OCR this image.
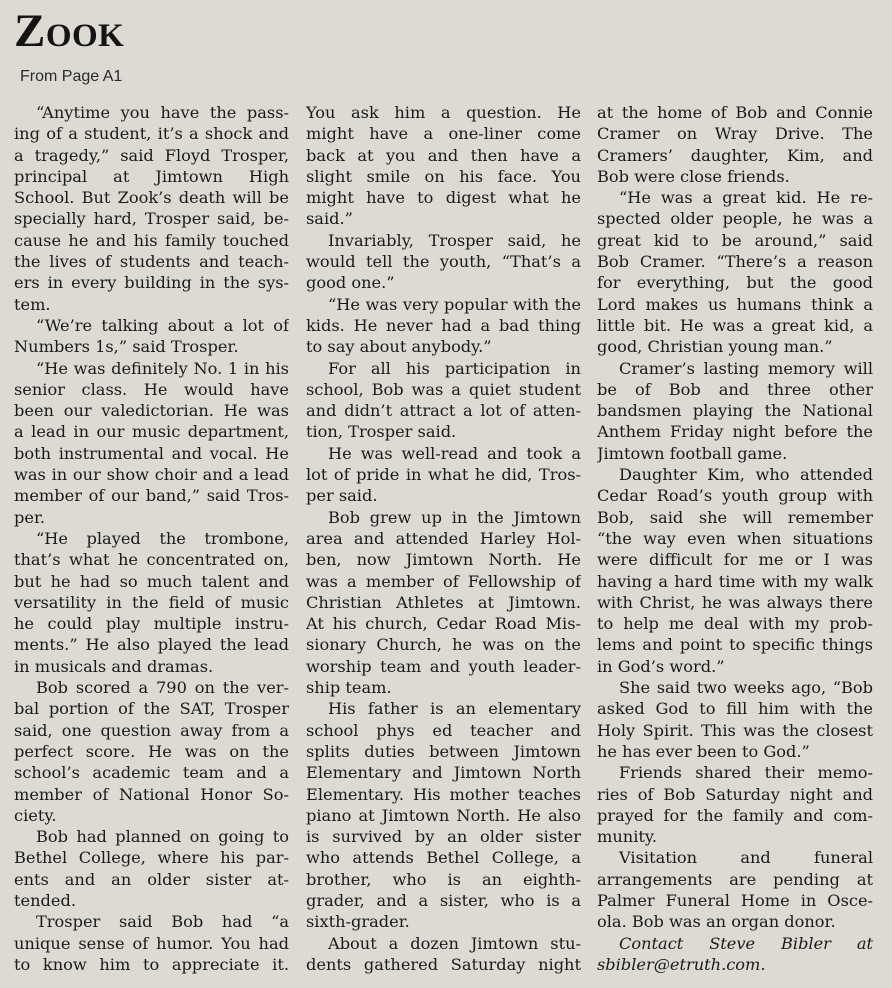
Zook
From Page A1
“Anytime you have the pass-
ing of a student, it’s a shock and
a tragedy,” said Floyd Trosper,
principal at Jimtown High
School. But Zook’s death will be
specially hard, Trosper said, be-
cause he and his family touched
the lives of students and teach-
ers in every building in the sys-
tem.
“We’re talking about a lot of
Numbers 1s,” said Trosper.
“He was definitely No. 1 in his
senior class. He would have
been our valedictorian. He was
a lead in our music department,
both instrumental and vocal. He
was in our show choir and a lead
member of our band,” said Tros-
per.
“He played the trombone,
that’s what he concentrated on,
but he had so much talent and
versatility in the field of music
he could play multiple instru-
ments.” He also played the lead
in musicals and dramas.
Bob scored a 790 on the ver-
bal portion of the SAT, Trosper
said, one question away from a
perfect score. He was on the
school’s academic team and a
member of National Honor So-
ciety.
Bob had planned on going to
Bethel College, where his par-
ents and an older sister at-
tended.
Trosper said Bob had “a
unique sense of humor. You had
to know him to appreciate it.
You ask him a question. He
might have a one-liner come
back at you and then have a
slight smile on his face. You
might have to digest what he
said.”
Invariably, Trosper said, he
would tell the youth, “That’s a
good one.”
“He was very popular with the
kids. He never had a bad thing
to say about anybody.”
For all his participation in
school, Bob was a quiet student
and didn’t attract a lot of atten-
tion, Trosper said.
He was well-read and took a
lot of pride in what he did, Tros-
per said.
Bob grew up in the Jimtown
area and attended Harley Hol-
ben, now Jimtown North. He
was a member of Fellowship of
Christian Athletes at Jimtown.
At his church, Cedar Road Mis-
sionary Church, he was on the
worship team and youth leader-
ship team.
His father is an elementary
school phys ed teacher and
splits duties between Jimtown
Elementary and Jimtown North
Elementary. His mother teaches
piano at Jimtown North. He also
is survived by an older sister
who attends Bethel College, a
brother, who is an eighth-
grader, and a sister, who is a
sixth-grader.
About a dozen Jimtown stu-
dents gathered Saturday night
at the home of Bob and Connie
Cramer on Wray Drive. The
Cramers’ daughter, Kim, and
Bob were close friends.
“He was a great kid. He re-
spected older people, he was a
great kid to be around,” said
Bob Cramer. “There’s a reason
for everything, but the good
Lord makes us humans think a
little bit. He was a great kid, a
good, Christian young man.”
Cramer’s lasting memory will
be of Bob and three other
bandsmen playing the National
Anthem Friday night before the
Jimtown football game.
Daughter Kim, who attended
Cedar Road’s youth group with
Bob, said she will remember
“the way even when situations
were difficult for me or I was
having a hard time with my walk
with Christ, he was always there
to help me deal with my prob-
lems and point to specific things
in God’s word.”
She said two weeks ago, “Bob
asked God to fill him with the
Holy Spirit. This was the closest
he has ever been to God.”
Friends shared their memo-
ries of Bob Saturday night and
prayed for the family and com-
munity.
Visitation and funeral
arrangements are pending at
Palmer Funeral Home in Osce-
ola. Bob was an organ donor.
Contact Steve Bibler at
sbibler@etruth.com.
